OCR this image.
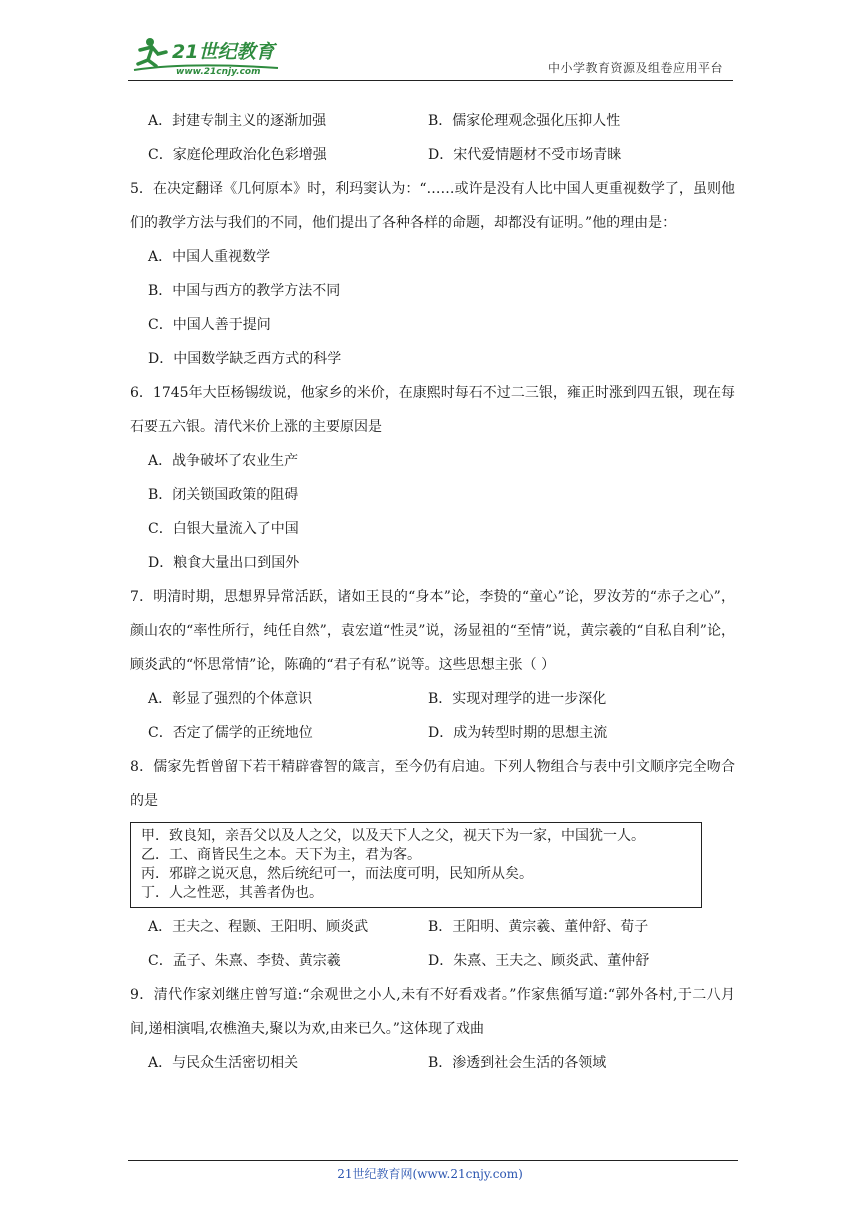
21世纪教育
www.21cnjy.com	中小学教育资源及组卷应用平台
A．封建专制主义的逐渐加强	B．儒家伦理观念强化压抑人性
C．家庭伦理政治化色彩增强	D．宋代爱情题材不受市场青睐
5．在决定翻译《几何原本》时，利玛窦认为：“……或许是没有人比中国人更重视数学了，虽则他们的教学方法与我们的不同，他们提出了各种各样的命题，却都没有证明。”他的理由是：
A．中国人重视数学
B．中国与西方的教学方法不同
C．中国人善于提问
D．中国数学缺乏西方式的科学
6．1745年大臣杨锡绂说，他家乡的米价，在康熙时每石不过二三银，雍正时涨到四五银，现在每石要五六银。清代米价上涨的主要原因是
A．战争破坏了农业生产
B．闭关锁国政策的阻碍
C．白银大量流入了中国
D．粮食大量出口到国外
7．明清时期，思想界异常活跃，诸如王艮的“身本”论，李贽的“童心”论，罗汝芳的“赤子之心”，颜山农的“率性所行，纯任自然”，袁宏道“性灵”说，汤显祖的“至情”说，黄宗羲的“自私自利”论，顾炎武的“怀思常情”论，陈确的“君子有私”说等。这些思想主张（ ）
A．彰显了强烈的个体意识	B．实现对理学的进一步深化
C．否定了儒学的正统地位	D．成为转型时期的思想主流
8．儒家先哲曾留下若干精辟睿智的箴言，至今仍有启迪。下列人物组合与表中引文顺序完全吻合的是
甲．致良知，亲吾父以及人之父，以及天下人之父，视天下为一家，中国犹一人。
乙．工、商皆民生之本。天下为主，君为客。
丙．邪辟之说灭息，然后统纪可一，而法度可明，民知所从矣。
丁．人之性恶，其善者伪也。
A．王夫之、程颢、王阳明、顾炎武	B．王阳明、黄宗羲、董仲舒、荀子
C．孟子、朱熹、李贽、黄宗羲	D．朱熹、王夫之、顾炎武、董仲舒
9．清代作家刘继庄曾写道:“余观世之小人,未有不好看戏者。”作家焦循写道:“郭外各村,于二八月间,递相演唱,农樵渔夫,聚以为欢,由来已久。”这体现了戏曲
A．与民众生活密切相关	B．渗透到社会生活的各领域
21世纪教育网(www.21cnjy.com)
